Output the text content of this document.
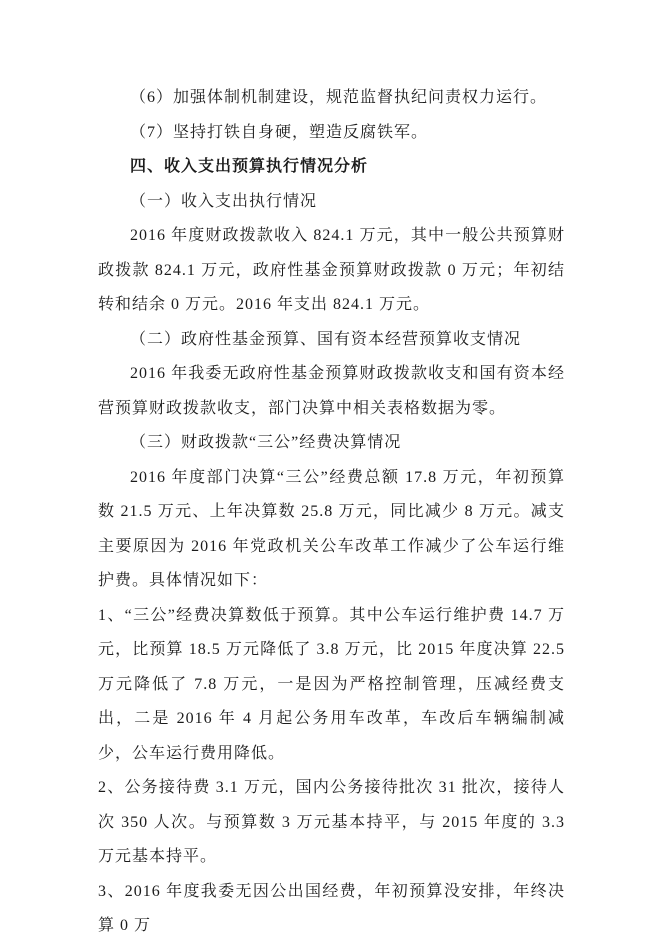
（6）加强体制机制建设，规范监督执纪问责权力运行。

（7）坚持打铁自身硬，塑造反腐铁军。

四、收入支出预算执行情况分析

（一）收入支出执行情况

2016 年度财政拨款收入 824.1 万元，其中一般公共预算财政拨款 824.1 万元，政府性基金预算财政拨款 0 万元；年初结转和结余 0 万元。2016 年支出 824.1 万元。

（二）政府性基金预算、国有资本经营预算收支情况

2016 年我委无政府性基金预算财政拨款收支和国有资本经营预算财政拨款收支，部门决算中相关表格数据为零。

（三）财政拨款“三公”经费决算情况

2016 年度部门决算“三公”经费总额 17.8 万元，年初预算数 21.5 万元、上年决算数 25.8 万元，同比减少 8 万元。减支主要原因为 2016 年党政机关公车改革工作减少了公车运行维护费。具体情况如下：

1、“三公”经费决算数低于预算。其中公车运行维护费 14.7 万元，比预算 18.5 万元降低了 3.8 万元，比 2015 年度决算 22.5 万元降低了 7.8 万元，一是因为严格控制管理，压减经费支出，二是 2016 年 4 月起公务用车改革，车改后车辆编制减少，公车运行费用降低。

2、公务接待费 3.1 万元，国内公务接待批次 31 批次，接待人次 350 人次。与预算数 3 万元基本持平，与 2015 年度的 3.3 万元基本持平。

3、2016 年度我委无因公出国经费，年初预算没安排，年终决算 0 万
